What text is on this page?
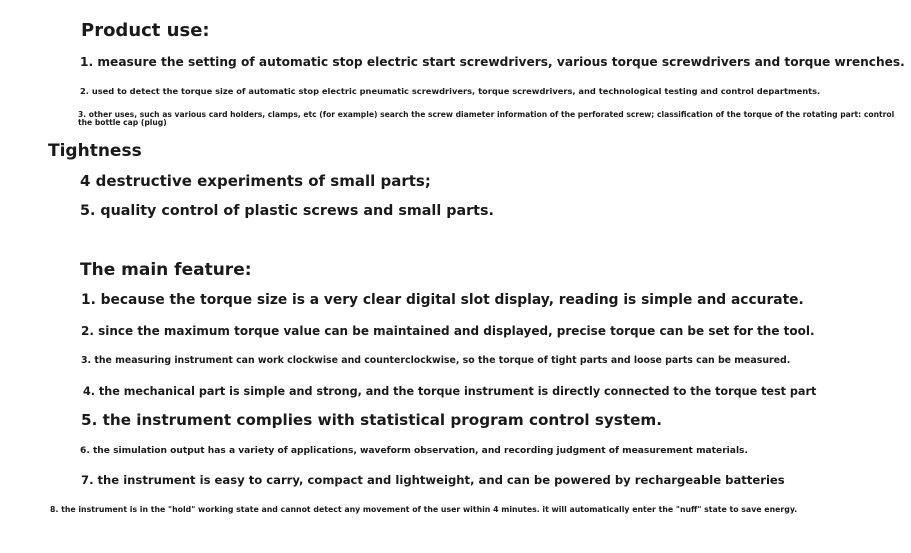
Product use:
1. measure the setting of automatic stop electric start screwdrivers, various torque screwdrivers and torque wrenches.
2. used to detect the torque size of automatic stop electric pneumatic screwdrivers, torque screwdrivers, and technological testing and control departments.
3. other uses, such as various card holders, clamps, etc (for example) search the screw diameter information of the perforated screw; classification of the torque of the rotating part: control the bottle cap (plug)
Tightness
4 destructive experiments of small parts;
5. quality control of plastic screws and small parts.
The main feature:
1. because the torque size is a very clear digital slot display, reading is simple and accurate.
2. since the maximum torque value can be maintained and displayed, precise torque can be set for the tool.
3. the measuring instrument can work clockwise and counterclockwise, so the torque of tight parts and loose parts can be measured.
4. the mechanical part is simple and strong, and the torque instrument is directly connected to the torque test part
5. the instrument complies with statistical program control system.
6. the simulation output has a variety of applications, waveform observation, and recording judgment of measurement materials.
7. the instrument is easy to carry, compact and lightweight, and can be powered by rechargeable batteries
8. the instrument is in the "hold" working state and cannot detect any movement of the user within 4 minutes. it will automatically enter the "nuff" state to save energy.
